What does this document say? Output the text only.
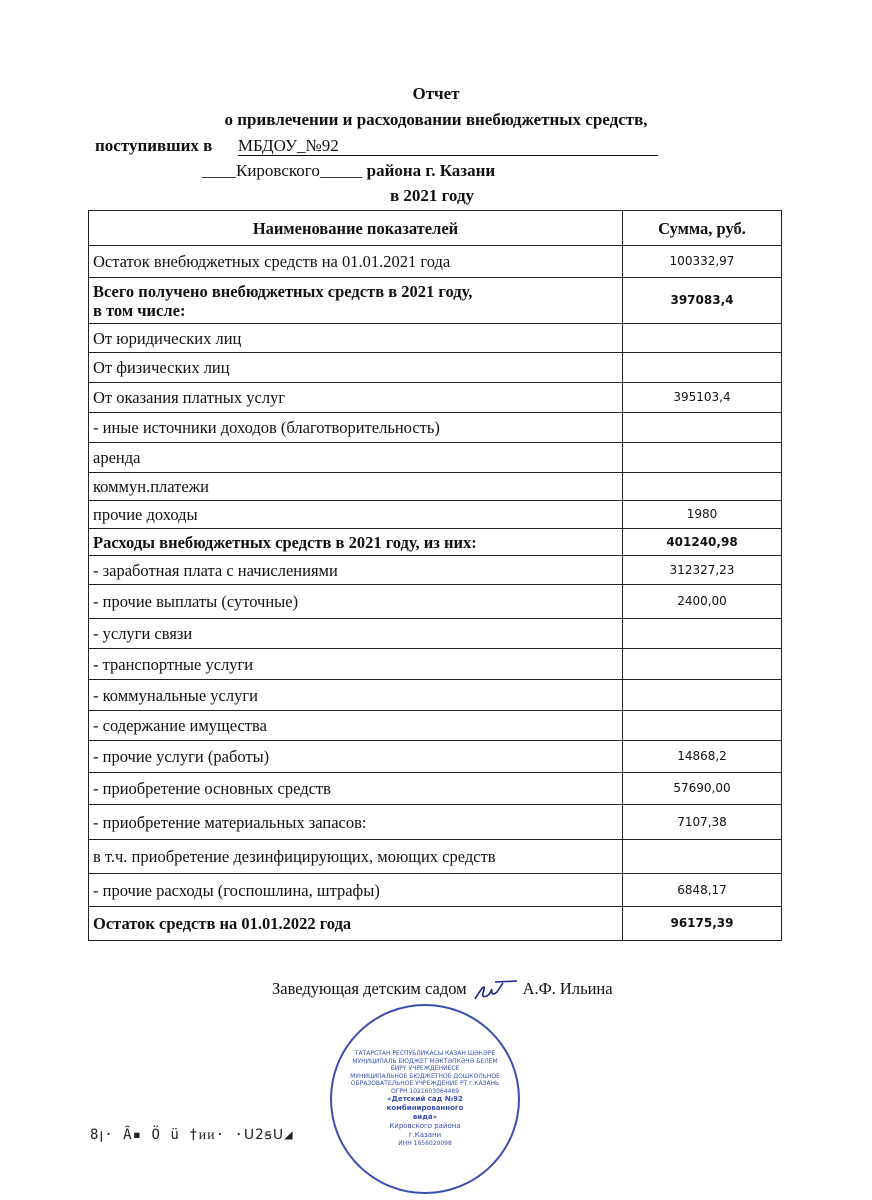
Отчет
о привлечении и расходовании внебюджетных средств,
поступивших в МБДОУ_№92
____Кировского_____ района г. Казани
в 2021 году
Наименование показателей	Сумма, руб.
Остаток внебюджетных средств на 01.01.2021 года	100332,97
Всего получено внебюджетных средств в 2021 году,
в том числе:	397083,4
От юридических лиц	
От физических лиц	
От оказания платных услуг	395103,4
- иные источники доходов (благотворительность)	
аренда	
коммун.платежи	
прочие доходы	1980
Расходы внебюджетных средств в 2021 году, из них:	401240,98
- заработная плата с начислениями	312327,23
- прочие выплаты (суточные)	2400,00
- услуги связи	
- транспортные услуги	
- коммунальные услуги	
- содержание имущества	
- прочие услуги (работы)	14868,2
- приобретение основных средств	57690,00
- приобретение материальных запасов:	7107,38
в т.ч. приобретение дезинфицирующих, моющих средств	
- прочие расходы (госпошлина, штрафы)	6848,17
Остаток средств на 01.01.2022 года	96175,39
Заведующая детским садом	А.Ф. Ильина
ТАТАРСТАН РЕСПУБЛИКАСЫ КАЗАН ШӘҺӘРЕ МУНИЦИПАЛЬ БЮДЖЕТ МӘКТӘПКӘЧӘ БЕЛЕМ БИРҮ УЧРЕЖДЕНИЕСЕ
МУНИЦИПАЛЬНОЕ БЮДЖЕТНОЕ ДОШКОЛЬНОЕ ОБРАЗОВАТЕЛЬНОЕ УЧРЕЖДЕНИЕ РТ г.КАЗАНЬ
ОГРН 1021603064489
«Детский сад №92
комбинированного
вида»
Кировского района
г.Казани
ИНН 1656020098
8ꞁ· Ȃ▪ Ö ü †ᴎᴎ· ·ᑌ2ꞩᑌ◢
